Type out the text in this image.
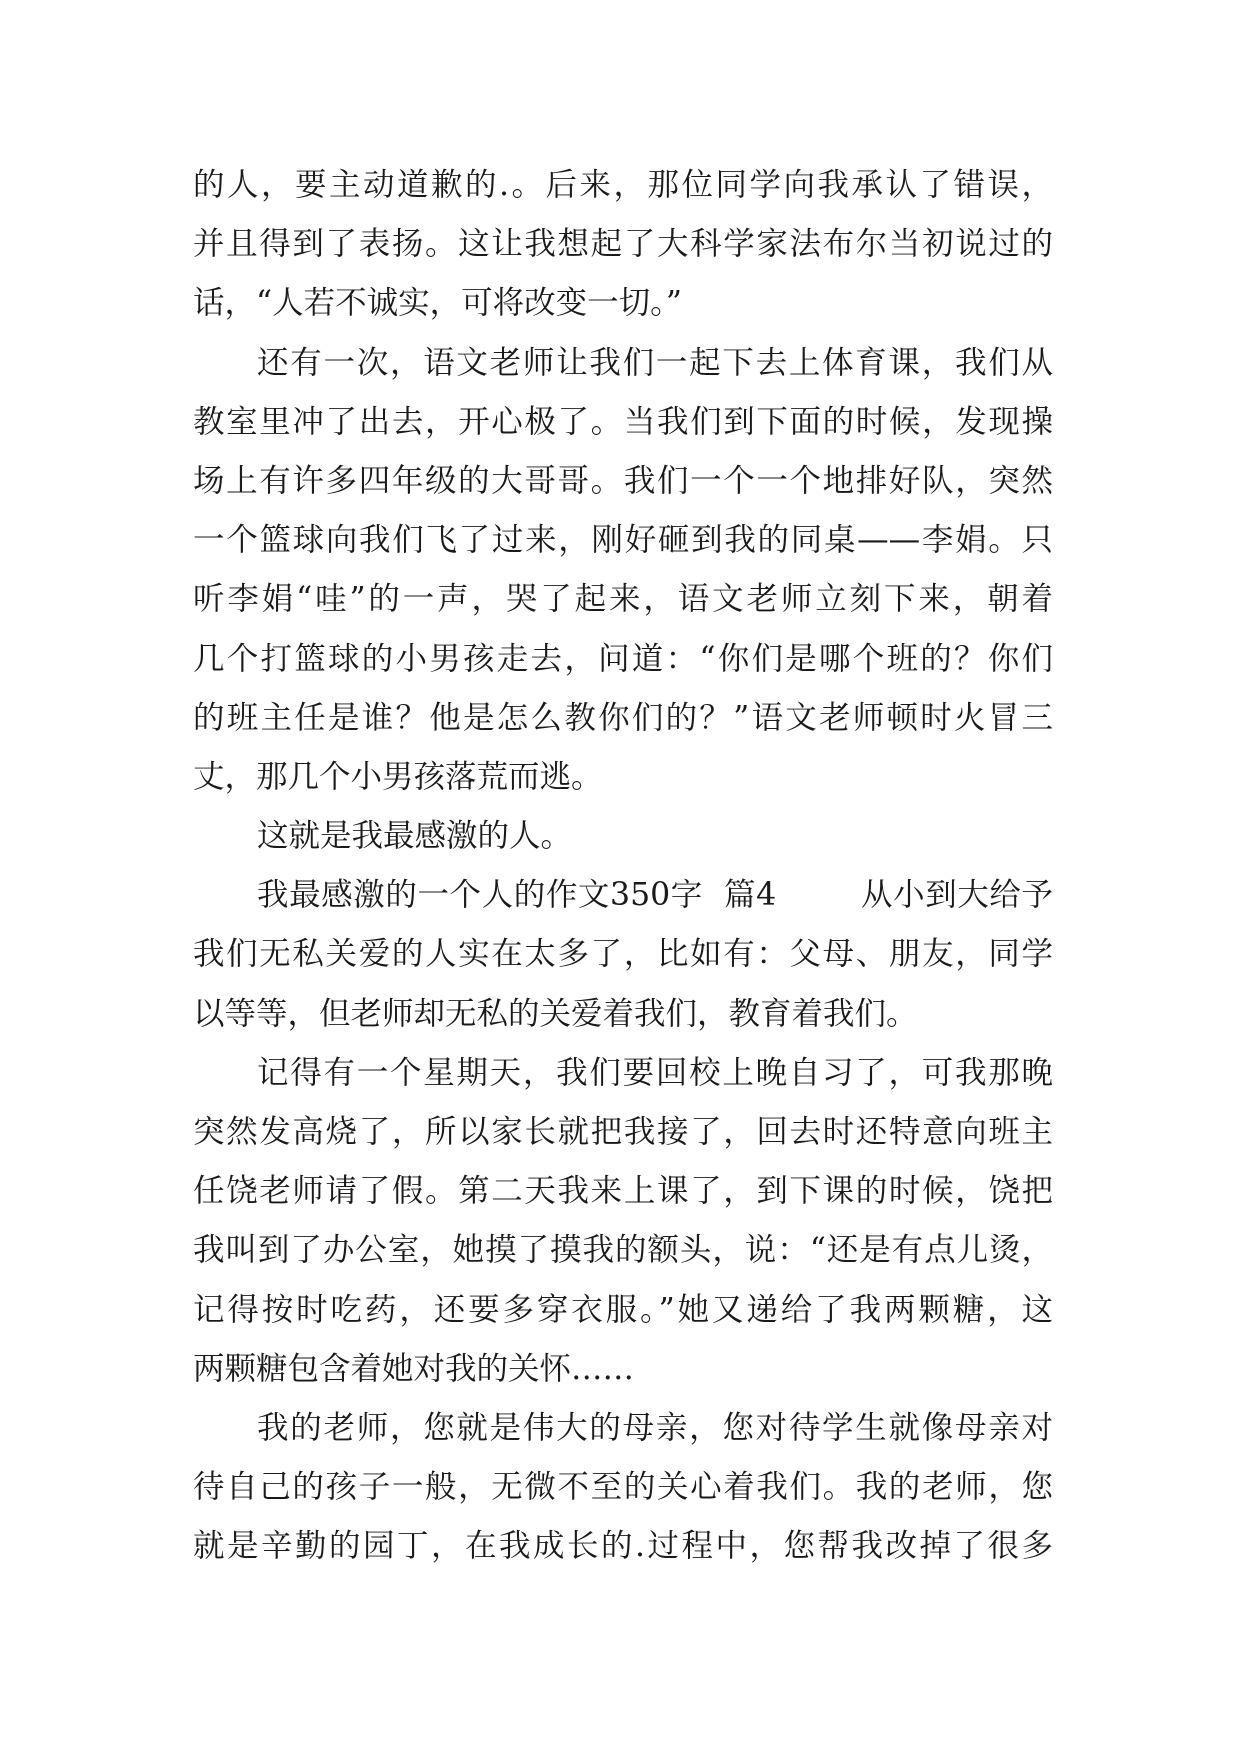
的人，要主动道歉的.。后来，那位同学向我承认了错误，
并且得到了表扬。这让我想起了大科学家法布尔当初说过的
话，“人若不诚实，可将改变一切。”
还有一次，语文老师让我们一起下去上体育课，我们从
教室里冲了出去，开心极了。当我们到下面的时候，发现操
场上有许多四年级的大哥哥。我们一个一个地排好队，突然
一个篮球向我们飞了过来，刚好砸到我的同桌——李娟。只
听李娟“哇”的一声，哭了起来，语文老师立刻下来，朝着
几个打篮球的小男孩走去，问道：“你们是哪个班的？你们
的班主任是谁？他是怎么教你们的？”语文老师顿时火冒三
丈，那几个小男孩落荒而逃。
这就是我最感激的人。
我最感激的一个人的作文350字  篇4        从小到大给予
我们无私关爱的人实在太多了，比如有：父母、朋友，同学
以等等，但老师却无私的关爱着我们，教育着我们。
记得有一个星期天，我们要回校上晚自习了，可我那晚
突然发高烧了，所以家长就把我接了，回去时还特意向班主
任饶老师请了假。第二天我来上课了，到下课的时候，饶把
我叫到了办公室，她摸了摸我的额头，说：“还是有点儿烫，
记得按时吃药，还要多穿衣服。”她又递给了我两颗糖，这
两颗糖包含着她对我的关怀……
我的老师，您就是伟大的母亲，您对待学生就像母亲对
待自己的孩子一般，无微不至的关心着我们。我的老师，您
就是辛勤的园丁，在我成长的.过程中，您帮我改掉了很多
